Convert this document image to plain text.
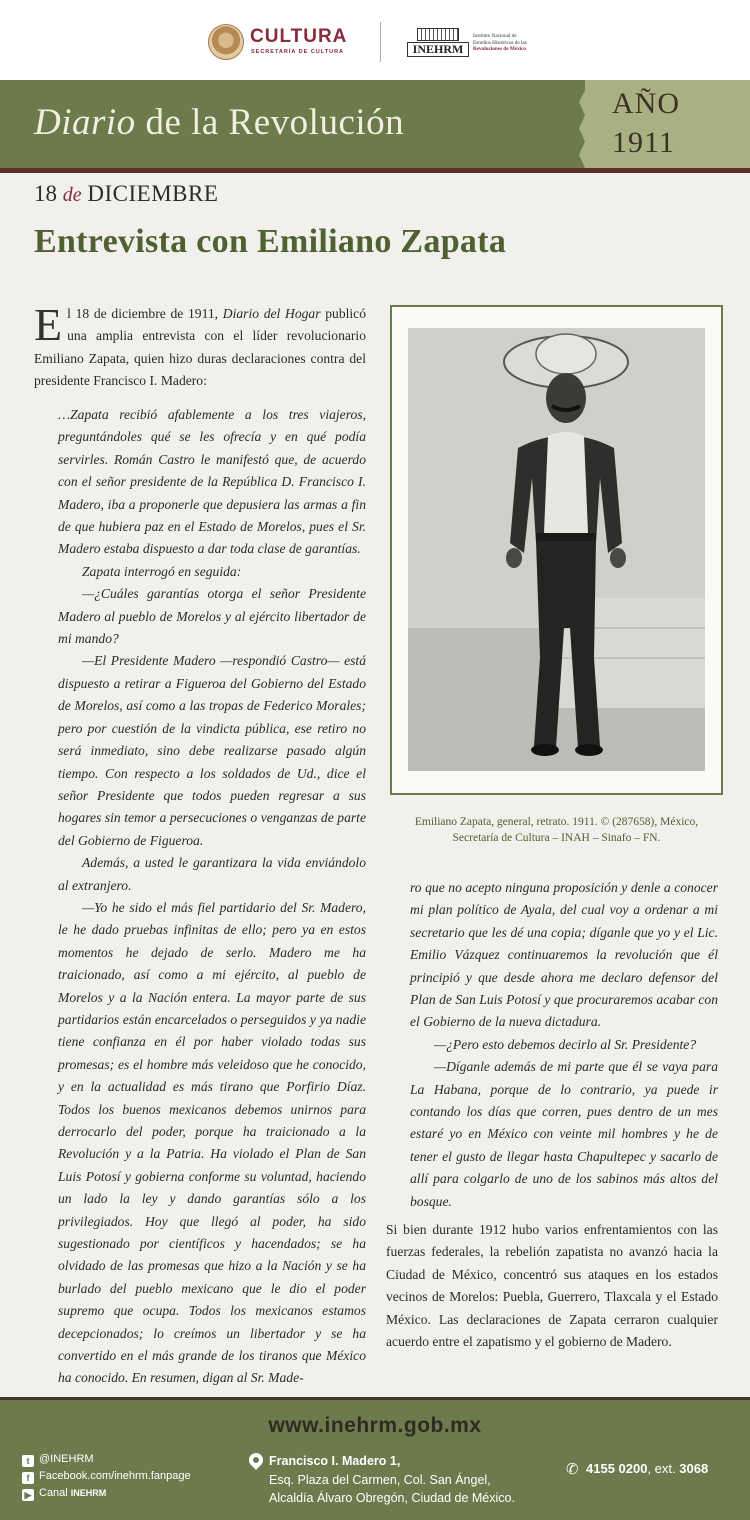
CULTURA
SECRETARÍA DE CULTURA	INEHRM
Instituto Nacional de
Estudios Históricos de las
Revoluciones de México
Diario de la Revolución	AÑO
1911
18 de DICIEMBRE
Entrevista con Emiliano Zapata
El 18 de diciembre de 1911, Diario del Hogar publicó una amplia entrevista con el líder revolucionario Emiliano Zapata, quien hizo duras declaraciones contra del presidente Francisco I. Madero:

…Zapata recibió afablemente a los tres viajeros, preguntándoles qué se les ofrecía y en qué podía servirles. Román Castro le manifestó que, de acuerdo con el señor presidente de la República D. Francisco I. Madero, iba a proponerle que depusiera las armas a fin de que hubiera paz en el Estado de Morelos, pues el Sr. Madero estaba dispuesto a dar toda clase de garantías.

Zapata interrogó en seguida:

—¿Cuáles garantías otorga el señor Presidente Madero al pueblo de Morelos y al ejército libertador de mi mando?

—El Presidente Madero —respondió Castro— está dispuesto a retirar a Figueroa del Gobierno del Estado de Morelos, así como a las tropas de Federico Morales; pero por cuestión de la vindicta pública, ese retiro no será inmediato, sino debe realizarse pasado algún tiempo. Con respecto a los soldados de Ud., dice el señor Presidente que todos pueden regresar a sus hogares sin temor a persecuciones o venganzas de parte del Gobierno de Figueroa.

Además, a usted le garantizara la vida enviándolo al extranjero.

—Yo he sido el más fiel partidario del Sr. Madero, le he dado pruebas infinitas de ello; pero ya en estos momentos he dejado de serlo. Madero me ha traicionado, así como a mi ejército, al pueblo de Morelos y a la Nación entera. La mayor parte de sus partidarios están encarcelados o perseguidos y ya nadie tiene confianza en él por haber violado todas sus promesas; es el hombre más veleidoso que he conocido, y en la actualidad es más tirano que Porfirio Díaz. Todos los buenos mexicanos debemos unirnos para derrocarlo del poder, porque ha traicionado a la Revolución y a la Patria. Ha violado el Plan de San Luis Potosí y gobierna conforme su voluntad, haciendo un lado la ley y dando garantías sólo a los privilegiados. Hoy que llegó al poder, ha sido sugestionado por científicos y hacendados; se ha olvidado de las promesas que hizo a la Nación y se ha burlado del pueblo mexicano que le dio el poder supremo que ocupa. Todos los mexicanos estamos decepcionados; lo creímos un libertador y se ha convertido en el más grande de los tiranos que México ha conocido. En resumen, digan al Sr. Made-

Emiliano Zapata, general, retrato. 1911. © (287658), México,
Secretaría de Cultura – INAH – Sinafo – FN.

ro que no acepto ninguna proposición y denle a conocer mi plan político de Ayala, del cual voy a ordenar a mi secretario que les dé una copia; díganle que yo y el Lic. Emilio Vázquez continuaremos la revolución que él principió y que desde ahora me declaro defensor del Plan de San Luis Potosí y que procuraremos acabar con el Gobierno de la nueva dictadura.

—¿Pero esto debemos decirlo al Sr. Presidente?

—Díganle además de mi parte que él se vaya para La Habana, porque de lo contrario, ya puede ir contando los días que corren, pues dentro de un mes estaré yo en México con veinte mil hombres y he de tener el gusto de llegar hasta Chapultepec y sacarlo de allí para colgarlo de uno de los sabinos más altos del bosque.

Si bien durante 1912 hubo varios enfrentamientos con las fuerzas federales, la rebelión zapatista no avanzó hacia la Ciudad de México, concentró sus ataques en los estados vecinos de Morelos: Puebla, Guerrero, Tlaxcala y el Estado México. Las declaraciones de Zapata cerraron cualquier acuerdo entre el zapatismo y el gobierno de Madero.
www.inehrm.gob.mx
t @INEHRM
f Facebook.com/inehrm.fanpage
▶ Canal INEHRM
Francisco I. Madero 1,
Esq. Plaza del Carmen, Col. San Ángel,
Alcaldía Álvaro Obregón, Ciudad de México.
✆ 4155 0200, ext. 3068
